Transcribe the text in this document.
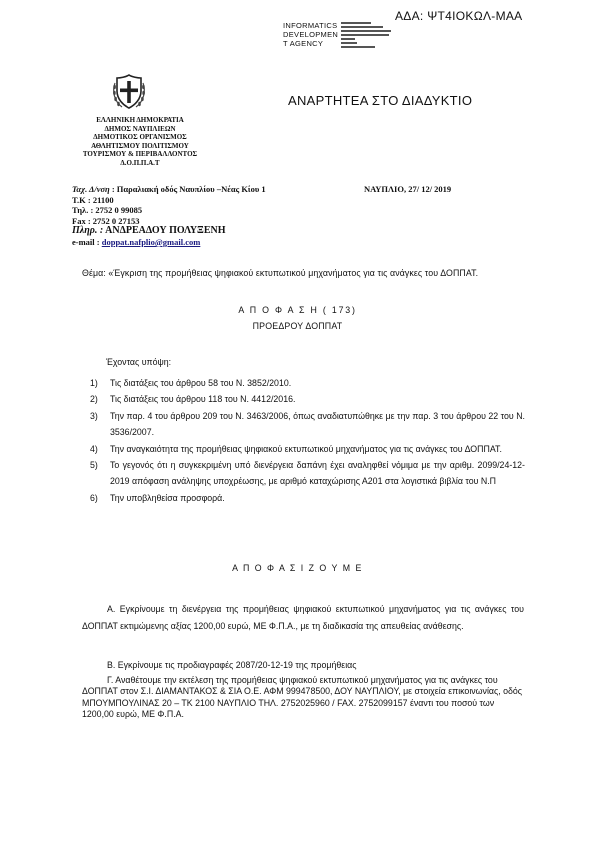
ΑΔΑ: ΨΤ4ΙΟΚΩΛ-ΜΑΑ
INFORMATICS
DEVELOPMEN
T AGENCY
ΑΝΑΡΤΗΤΕΑ ΣΤΟ ΔΙΑΔΥΚΤΙΟ
ΕΛΛΗΝΙΚΗ ΔΗΜΟΚΡΑΤΙΑ
ΔΗΜΟΣ ΝΑΥΠΛΙΕΩΝ
ΔΗΜΟΤΙΚΟΣ ΟΡΓΑΝΙΣΜΟΣ
ΑΘΛΗΤΙΣΜΟΥ ΠΟΛΙΤΙΣΜΟΥ
ΤΟΥΡΙΣΜΟΥ & ΠΕΡΙΒΑΛΛΟΝΤΟΣ
Δ.Ο.Π.Π.Α.Τ
Ταχ. Δ/νση : Παραλιακή οδός Ναυπλίου –Νέας Κίου 1
Τ.Κ : 21100
Τηλ. : 2752 0 99085
Fax : 2752 0 27153
Πληρ. : ΑΝΔΡΕΑΔΟΥ ΠΟΛΥΞΕΝΗ
e-mail : doppat.nafplio@gmail.com
ΝΑΥΠΛΙΟ, 27/ 12/ 2019
Θέμα: «Έγκριση της προμήθειας ψηφιακού εκτυπωτικού μηχανήματος για τις ανάγκες του ΔΟΠΠΑΤ.
Α Π Ο Φ Α Σ Η ( 173)
ΠΡΟΕΔΡΟΥ ΔΟΠΠΑΤ
Έχοντας υπόψη:
1)	Τις διατάξεις του άρθρου 58 του Ν. 3852/2010.
2)	Τις διατάξεις του άρθρου 118 του Ν. 4412/2016.
3)	Την παρ. 4 του άρθρου 209 του Ν. 3463/2006, όπως αναδιατυπώθηκε με την παρ. 3 του άρθρου 22 του Ν. 3536/2007.
4)	Την αναγκαιότητα της προμήθειας ψηφιακού εκτυπωτικού μηχανήματος για τις ανάγκες του ΔΟΠΠΑΤ.
5)	Το γεγονός ότι η συγκεκριμένη υπό διενέργεια δαπάνη έχει αναληφθεί νόμιμα με την αριθμ. 2099/24-12-2019 απόφαση ανάληψης υποχρέωσης, με αριθμό καταχώρισης Α201 στα λογιστικά βιβλία του Ν.Π
6)	Την υποβληθείσα προσφορά.
Α Π Ο Φ Α Σ Ι Ζ Ο Υ Μ Ε
Α. Εγκρίνουμε τη διενέργεια της προμήθειας ψηφιακού εκτυπωτικού μηχανήματος για τις ανάγκες του ΔΟΠΠΑΤ εκτιμώμενης αξίας 1200,00 ευρώ, ΜΕ Φ.Π.Α., με τη διαδικασία της απευθείας ανάθεσης.
Β. Εγκρίνουμε τις προδιαγραφές 2087/20-12-19 της προμήθειας
Γ. Αναθέτουμε την εκτέλεση της προμήθειας ψηφιακού εκτυπωτικού μηχανήματος για τις ανάγκες του ΔΟΠΠΑΤ στον Σ.Ι. ΔΙΑΜΑΝΤΑΚΟΣ & ΣΙΑ Ο.Ε. ΑΦΜ 999478500, ΔΟΥ ΝΑΥΠΛΙΟΥ, με στοιχεία επικοινωνίας, οδός ΜΠΟΥΜΠΟΥΛΙΝΑΣ 20 – ΤΚ 2100 ΝΑΥΠΛΙΟ ΤΗΛ. 2752025960 / FAX. 2752099157 έναντι του ποσού των 1200,00 ευρώ, ΜΕ Φ.Π.Α.
